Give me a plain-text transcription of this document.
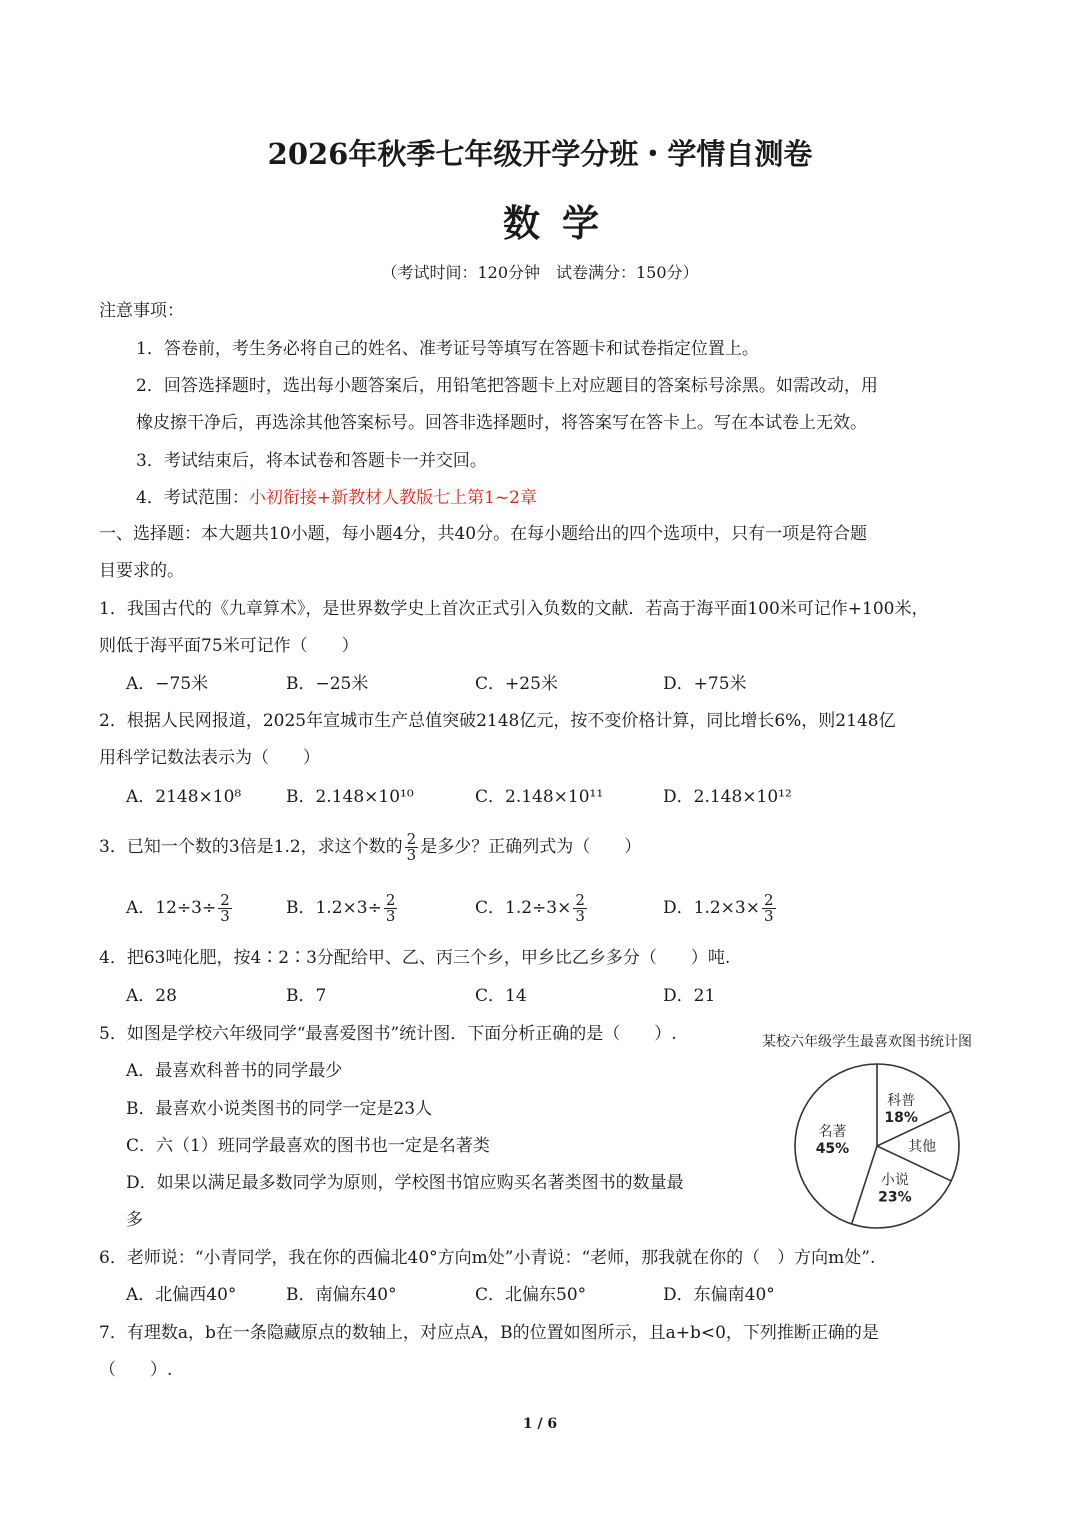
2026年秋季七年级开学分班・学情自测卷
数学
（考试时间：120分钟　试卷满分：150分）
注意事项：
1．答卷前，考生务必将自己的姓名、准考证号等填写在答题卡和试卷指定位置上。
2．回答选择题时，选出每小题答案后，用铅笔把答题卡上对应题目的答案标号涂黑。如需改动，用
橡皮擦干净后，再选涂其他答案标号。回答非选择题时，将答案写在答卡上。写在本试卷上无效。
3．考试结束后，将本试卷和答题卡一并交回。
4．考试范围：小初衔接+新教材人教版七上第1~2章
一、选择题：本大题共10小题，每小题4分，共40分。在每小题给出的四个选项中，只有一项是符合题
目要求的。
1．我国古代的《九章算术》，是世界数学史上首次正式引入负数的文献．若高于海平面100米可记作+100米，
则低于海平面75米可记作（　　）
A．−75米	B．−25米	C．+25米	D．+75米
2．根据人民网报道，2025年宣城市生产总值突破2148亿元，按不变价格计算，同比增长6%，则2148亿
用科学记数法表示为（　　）
A．2148×10⁸	B．2.148×10¹⁰	C．2.148×10¹¹	D．2.148×10¹²
3．已知一个数的3倍是1.2，求这个数的 $\frac{2}{3}$ 是多少？正确列式为（　　）
A．$12\div 3\div \frac{2}{3}$	B．$1.2\times 3\div \frac{2}{3}$	C．$1.2\div 3\times \frac{2}{3}$	D．$1.2\times 3\times \frac{2}{3}$
4．把63吨化肥，按4∶2∶3分配给甲、乙、丙三个乡，甲乡比乙乡多分（　　）吨.
A．28	B．7	C．14	D．21
5．如图是学校六年级同学“最喜爱图书”统计图．下面分析正确的是（　　）.
A．最喜欢科普书的同学最少
B．最喜欢小说类图书的同学一定是23人
C．六（1）班同学最喜欢的图书也一定是名著类
D．如果以满足最多数同学为原则，学校图书馆应购买名著类图书的数量最
多
某校六年级学生最喜欢图书统计图
科普
18%
其他
小说
23%
名著
45%
6．老师说：“小青同学，我在你的西偏北40°方向m处”小青说：“老师，那我就在你的（　）方向m处”.
A．北偏西40°	B．南偏东40°	C．北偏东50°	D．东偏南40°
7．有理数a，b在一条隐藏原点的数轴上，对应点A，B的位置如图所示，且a+b<0，下列推断正确的是
（　　）.
1 / 6
